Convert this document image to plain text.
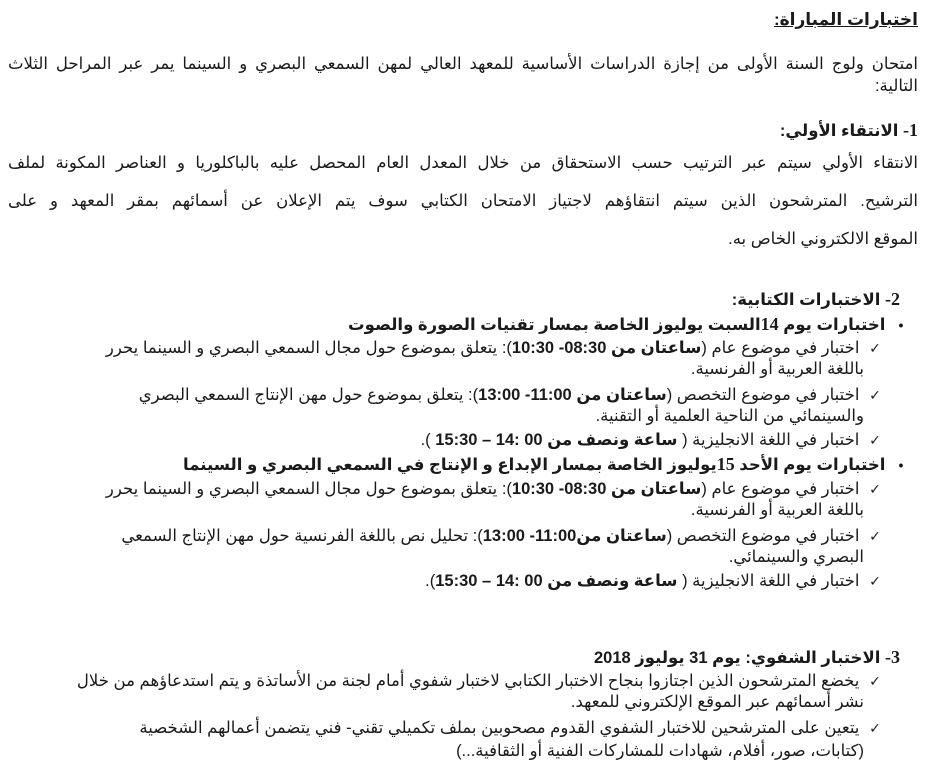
اختبارات المباراة:
امتحان ولوج السنة الأولى من إجازة الدراسات الأساسية للمعهد العالي لمهن السمعي البصري و السينما يمر عبر المراحل الثلاث
التالية:
1- الانتقاء الأولي:
الانتقاء الأولي سيتم عبر الترتيب حسب الاستحقاق من خلال المعدل العام المحصل عليه بالباكلوريا و العناصر المكونة لملف
الترشيح. المترشحون الذين سيتم انتقاؤهم لاجتياز الامتحان الكتابي سوف يتم الإعلان عن أسمائهم بمقر المعهد و على
الموقع الالكتروني الخاص به.
2- الاختبارات الكتابية:
• اختبارات يوم 14السبت يوليوز الخاصة بمسار تقنيات الصورة والصوت
✓ اختبار في موضوع عام (ساعتان من 08:30- 10:30): يتعلق بموضوع حول مجال السمعي البصري و السينما يحرر
باللغة العربية أو الفرنسية.
✓ اختبار في موضوع التخصص (ساعتان من 11:00- 13:00): يتعلق بموضوع حول مهن الإنتاج السمعي البصري
والسينمائي من الناحية العلمية أو التقنية.
✓ اختبار في اللغة الانجليزية ( ساعة ونصف من 00 :14 – 15:30 ).
• اختبارات يوم الأحد 15يوليوز الخاصة بمسار الإبداع و الإنتاج في السمعي البصري و السينما
✓ اختبار في موضوع عام (ساعتان من 08:30- 10:30): يتعلق بموضوع حول مجال السمعي البصري و السينما يحرر
باللغة العربية أو الفرنسية.
✓ اختبار في موضوع التخصص (ساعتان من11:00- 13:00): تحليل نص باللغة الفرنسية حول مهن الإنتاج السمعي
البصري والسينمائي.
✓ اختبار في اللغة الانجليزية ( ساعة ونصف من 00 :14 – 15:30).
3- الاختبار الشفوي: يوم 31 يوليوز 2018
✓ يخضع المترشحون الذين اجتازوا بنجاح الاختبار الكتابي لاختبار شفوي أمام لجنة من الأساتذة و يتم استدعاؤهم من خلال
نشر أسمائهم عبر الموقع الإلكتروني للمعهد.
✓ يتعين على المترشحين للاختبار الشفوي القدوم مصحوبين بملف تكميلي تقني- فني يتضمن أعمالهم الشخصية
(كتابات، صور، أفلام، شهادات للمشاركات الفنية أو الثقافية...)
